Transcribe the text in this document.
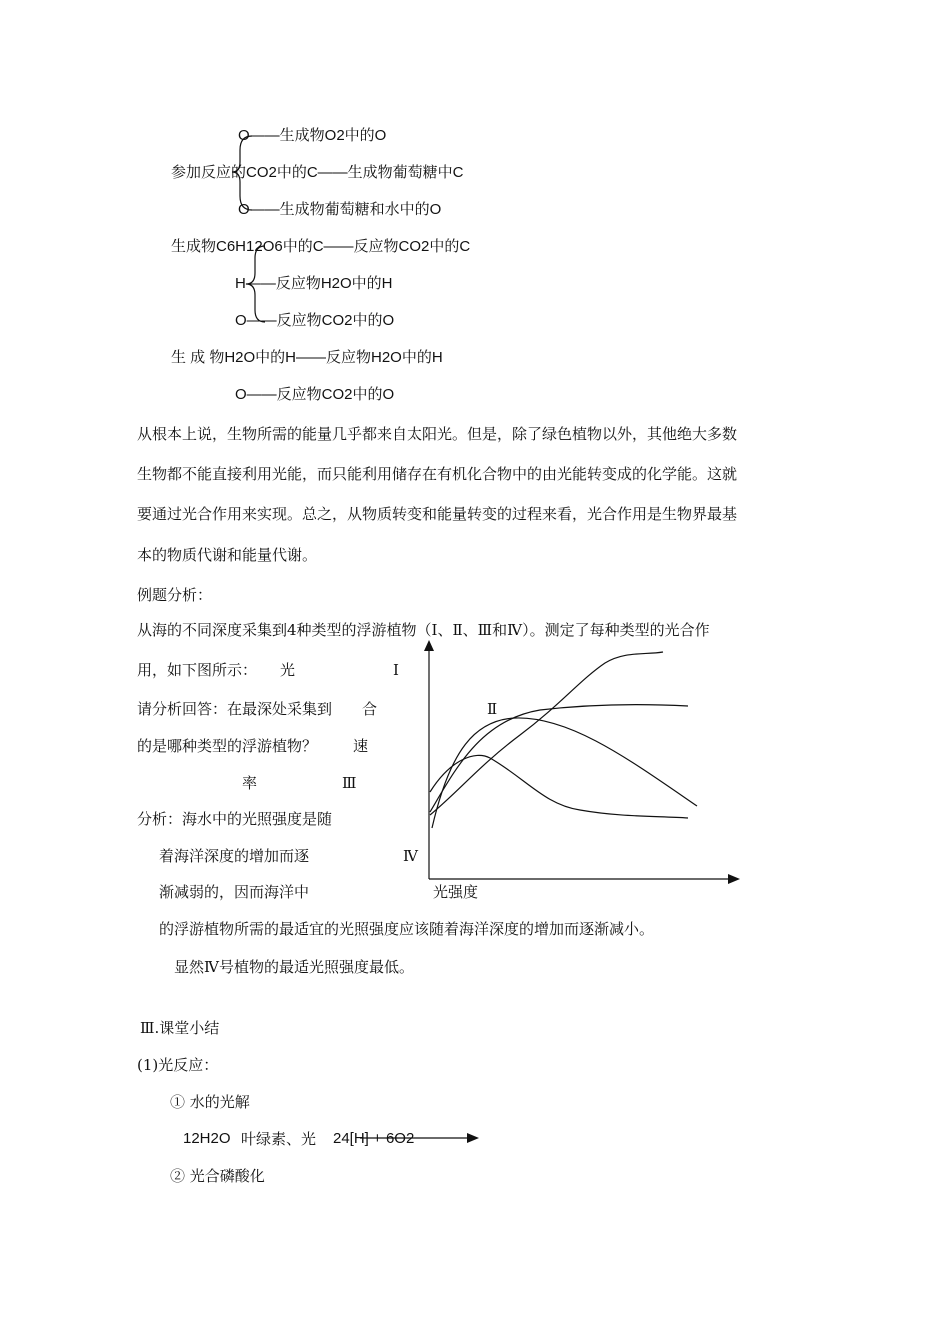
O——生成物O2中的O
参加反应的CO2中的C——生成物葡萄糖中C
O——生成物葡萄糖和水中的O
生成物C6H12O6中的C——反应物CO2中的C
H——反应物H2O中的H
O——反应物CO2中的O
生 成 物H2O中的H——反应物H2O中的H
O——反应物CO2中的O
从根本上说，生物所需的能量几乎都来自太阳光。但是，除了绿色植物以外，其他绝大多数
生物都不能直接利用光能，而只能利用储存在有机化合物中的由光能转变成的化学能。这就
要通过光合作用来实现。总之，从物质转变和能量转变的过程来看，光合作用是生物界最基
本的物质代谢和能量代谢。
例题分析：
从海的不同深度采集到4种类型的浮游植物（Ⅰ、Ⅱ、Ⅲ和Ⅳ）。测定了每种类型的光合作
用，如下图所示：
请分析回答：在最深处采集到
的是哪种类型的浮游植物？
分析：海水中的光照强度是随
着海洋深度的增加而逐
渐减弱的，因而海洋中
的浮游植物所需的最适宜的光照强度应该随着海洋深度的增加而逐渐减小。
显然Ⅳ号植物的最适光照强度最低。
光
合
速
率
Ⅰ
Ⅱ
Ⅲ
Ⅳ
光强度
Ⅲ.课堂小结
(1)光反应：
① 水的光解
12H2O 叶绿素、光 24[H] + 6O2
② 光合磷酸化
